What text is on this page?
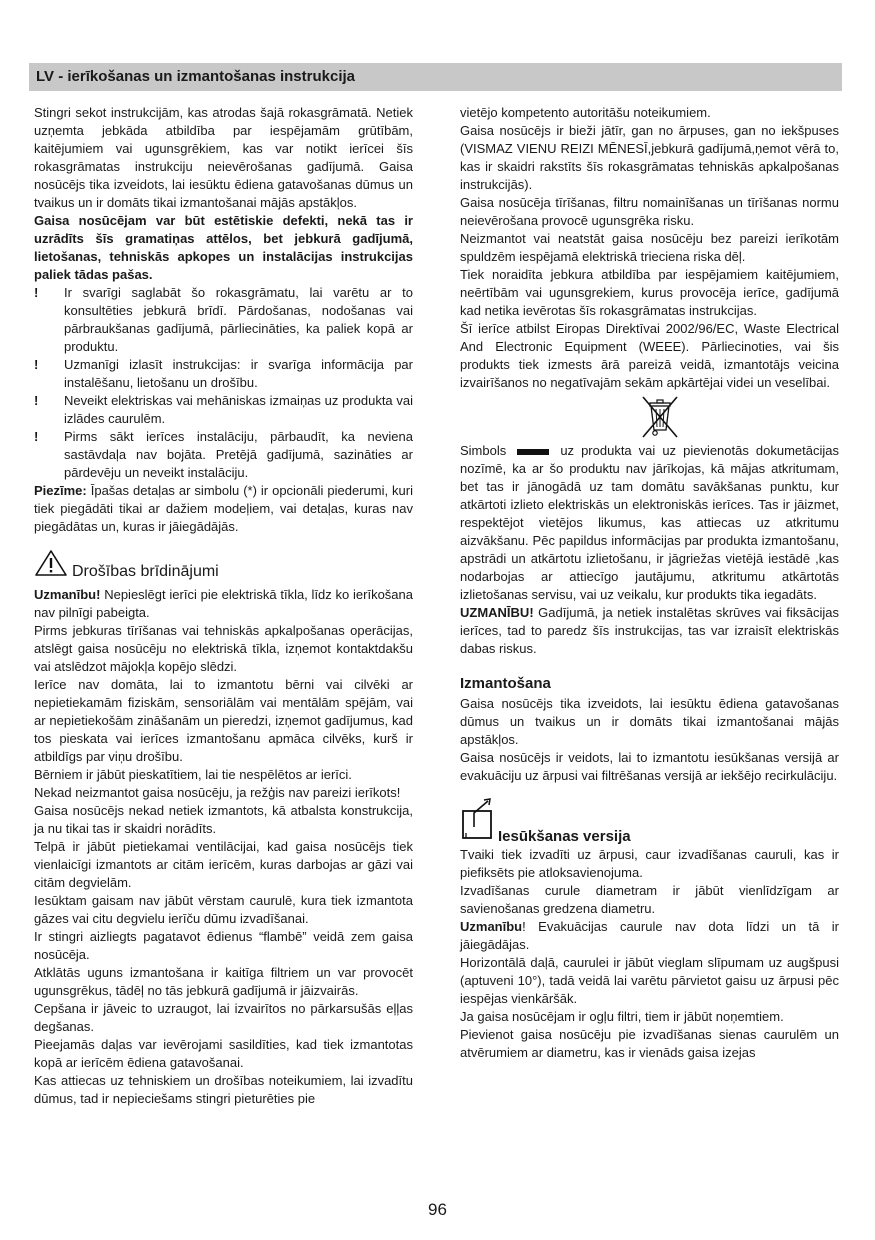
LV - ierīkošanas un izmantošanas instrukcija

Stingri sekot instrukcijām, kas atrodas šajā rokasgrāmatā. Netiek uzņemta jebkāda atbildība par iespējamām grūtībām, kaitējumiem vai ugunsgrēkiem, kas var notikt ierīcei šīs rokasgrāmatas instrukciju neievērošanas gadījumā. Gaisa nosūcējs tika izveidots, lai iesūktu ēdiena gatavošanas dūmus un tvaikus un ir domāts tikai izmantošanai mājās apstākļos.

Gaisa nosūcējam var būt estētiskie defekti, nekā tas ir uzrādīts šīs gramatiņas attēlos, bet jebkurā gadījumā, lietošanas, tehniskās apkopes un instalācijas instrukcijas paliek tādas pašas.

!	Ir svarīgi saglabāt šo rokasgrāmatu, lai varētu ar to konsultēties jebkurā brīdī. Pārdošanas, nodošanas vai pārbraukšanas gadījumā, pārliecināties, ka paliek kopā ar produktu.
!	Uzmanīgi izlasīt instrukcijas: ir svarīga informācija par instalēšanu, lietošanu un drošību.
!	Neveikt elektriskas vai mehāniskas izmaiņas uz produkta vai izlādes caurulēm.
!	Pirms sākt ierīces instalāciju, pārbaudīt, ka neviena sastāvdaļa nav bojāta. Pretējā gadījumā, sazināties ar pārdevēju un neveikt instalāciju.

Piezīme: Īpašas detaļas ar simbolu (*) ir opcionāli piederumi, kuri tiek piegādāti tikai ar dažiem modeļiem, vai detaļas, kuras nav piegādātas un, kuras ir jāiegādājās.

Drošības brīdinājumi

Uzmanību! Nepieslēgt ierīci pie elektriskā tīkla, līdz ko ierīkošana nav pilnīgi pabeigta.

Pirms jebkuras tīrīšanas vai tehniskās apkalpošanas operācijas, atslēgt gaisa nosūcēju no elektriskā tīkla, izņemot kontaktdakšu vai atslēdzot mājokļa kopējo slēdzi.

Ierīce nav domāta, lai to izmantotu bērni vai cilvēki ar nepietiekamām fiziskām, sensoriālām vai mentālām spējām, vai ar nepietiekošām zināšanām un pieredzi, izņemot gadījumus, kad tos pieskata vai ierīces izmantošanu apmāca cilvēks, kurš ir atbildīgs par viņu drošību.

Bērniem ir jābūt pieskatītiem, lai tie nespēlētos ar ierīci.

Nekad neizmantot gaisa nosūcēju, ja režģis nav pareizi ierīkots!

Gaisa nosūcējs nekad netiek izmantots, kā atbalsta konstrukcija, ja nu tikai tas ir skaidri norādīts.

Telpā ir jābūt pietiekamai ventilācijai, kad gaisa nosūcējs tiek vienlaicīgi izmantots ar citām ierīcēm, kuras darbojas ar gāzi vai citām degvielām.

Iesūktam gaisam nav jābūt vērstam caurulē, kura tiek izmantota gāzes vai citu degvielu ierīču dūmu izvadīšanai.

Ir stingri aizliegts pagatavot ēdienus “flambē” veidā zem gaisa nosūcēja.

Atklātās uguns izmantošana ir kaitīga filtriem un var provocēt ugunsgrēkus, tādēļ no tās jebkurā gadījumā ir jāizvairās.

Cepšana ir jāveic to uzraugot, lai izvairītos no pārkarsušās eļļas degšanas.

Pieejamās daļas var ievērojami sasildīties, kad tiek izmantotas kopā ar ierīcēm ēdiena gatavošanai.

Kas attiecas uz tehniskiem un drošības noteikumiem, lai izvadītu dūmus, tad ir nepieciešams stingri pieturēties pie

vietējo kompetento autoritāšu noteikumiem.

Gaisa nosūcējs ir bieži jātīr, gan no ārpuses, gan no iekšpuses (VISMAZ VIENU REIZI MĒNESĪ,jebkurā gadījumā,ņemot vērā to, kas ir skaidri rakstīts šīs rokasgrāmatas tehniskās apkalpošanas instrukcijās).

Gaisa nosūcēja tīrīšanas, filtru nomainīšanas un tīrīšanas normu neievērošana provocē ugunsgrēka risku.

Neizmantot vai neatstāt gaisa nosūcēju bez pareizi ierīkotām spuldzēm iespējamā elektriskā trieciena riska dēļ.

Tiek noraidīta jebkura atbildība par iespējamiem kaitējumiem, neērtībām vai ugunsgrekiem, kurus provocēja ierīce, gadījumā kad netika ievērotas šīs rokasgrāmatas instrukcijas.

Šī ierīce atbilst Eiropas Direktīvai 2002/96/EC, Waste Electrical And Electronic Equipment (WEEE). Pārliecinoties, vai šis produkts tiek izmests ārā pareizā veidā, izmantotājs veicina izvairīšanos no negatīvajām sekām apkārtējai videi un veselībai.

Simbols	uz produkta vai uz pievienotās dokumetācijas nozīmē, ka ar šo produktu nav jārīkojas, kā mājas atkritumam, bet tas ir jānogādā uz tam domātu savākšanas punktu, kur atkārtoti izlieto elektriskās un elektroniskās ierīces. Tas ir jāizmet, respektējot vietējos likumus, kas attiecas uz atkritumu aizvākšanu. Pēc papildus informācijas par produkta izmantošanu, apstrādi un atkārtotu izlietošanu, ir jāgriežas vietējā iestādē ,kas nodarbojas ar attiecīgo jautājumu, atkritumu atkārtotās izlietošanas servisu, vai uz veikalu, kur produkts tika iegadāts.

UZMANĪBU! Gadījumā, ja netiek instalētas skrūves vai fiksācijas ierīces, tad to paredz šīs instrukcijas, tas var izraisīt elektriskās dabas riskus.

Izmantošana

Gaisa nosūcējs tika izveidots, lai iesūktu ēdiena gatavošanas dūmus un tvaikus un ir domāts tikai izmantošanai mājās apstākļos.

Gaisa nosūcējs ir veidots, lai to izmantotu iesūkšanas versijā ar evakuāciju uz ārpusi vai filtrēšanas versijā ar iekšējo recirkulāciju.

Iesūkšanas versija

Tvaiki tiek izvadīti uz ārpusi, caur izvadīšanas cauruli, kas ir piefiksēts pie atloksavienojuma.

Izvadīšanas curule diametram ir jābūt vienlīdzīgam ar savienošanas gredzena diametru.

Uzmanību! Evakuācijas caurule nav dota līdzi un tā ir jāiegādājas.

Horizontālā daļā, caurulei ir jābūt vieglam slīpumam uz augšpusi (aptuveni 10°), tadā veidā lai varētu pārvietot gaisu uz ārpusi pēc iespējas vienkāršāk.

Ja gaisa nosūcējam ir ogļu filtri, tiem ir jābūt noņemtiem.

Pievienot gaisa nosūcēju pie izvadīšanas sienas caurulēm un atvērumiem ar diametru, kas ir vienāds gaisa izejas

96
